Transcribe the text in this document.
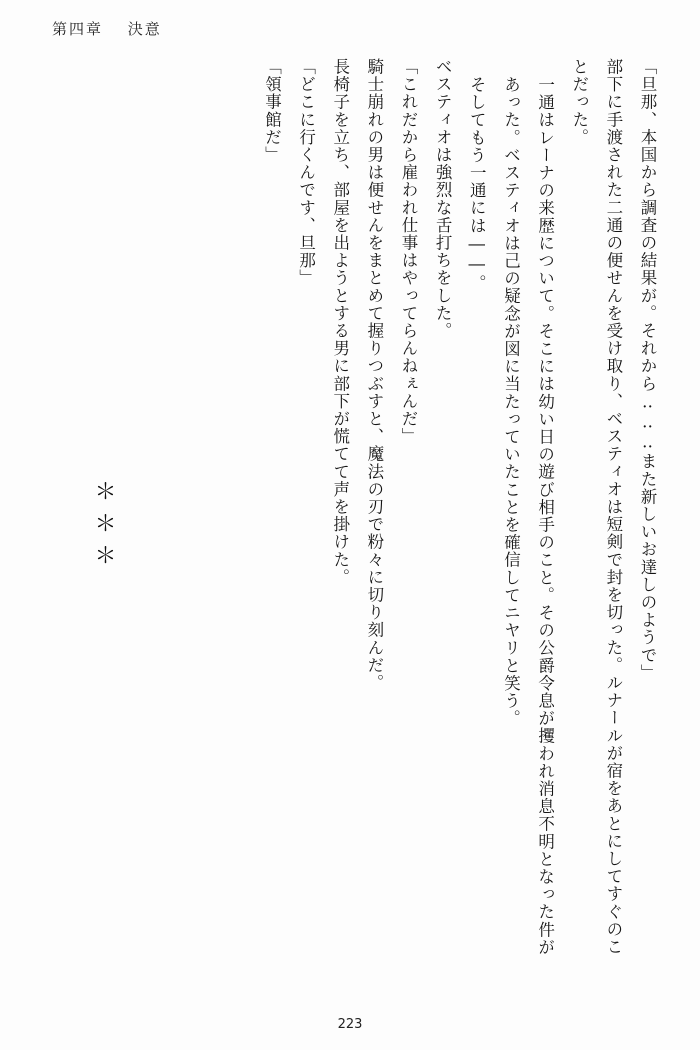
第四章 決意

「旦那、本国から調査の結果が。それから‥‥‥また新しいお達しのようで」

部下に手渡された二通の便せんを受け取り、ベスティオは短剣で封を切った。ルナールが宿をあとにしてすぐのことだった。

一通はレーナの来歴について。そこには幼い日の遊び相手のこと。その公爵令息が攫われ消息不明となった件があった。ベスティオは己の疑念が図に当たっていたことを確信してニヤリと笑う。

そしてもう一通には――。

ベスティオは強烈な舌打ちをした。

「これだから雇われ仕事はやってらんねぇんだ」

騎士崩れの男は便せんをまとめて握りつぶすと、魔法の刃で粉々に切り刻んだ。

長椅子を立ち、部屋を出ようとする男に部下が慌てて声を掛けた。

「どこに行くんです、旦那」

「領事館だ」

＊＊＊
223
